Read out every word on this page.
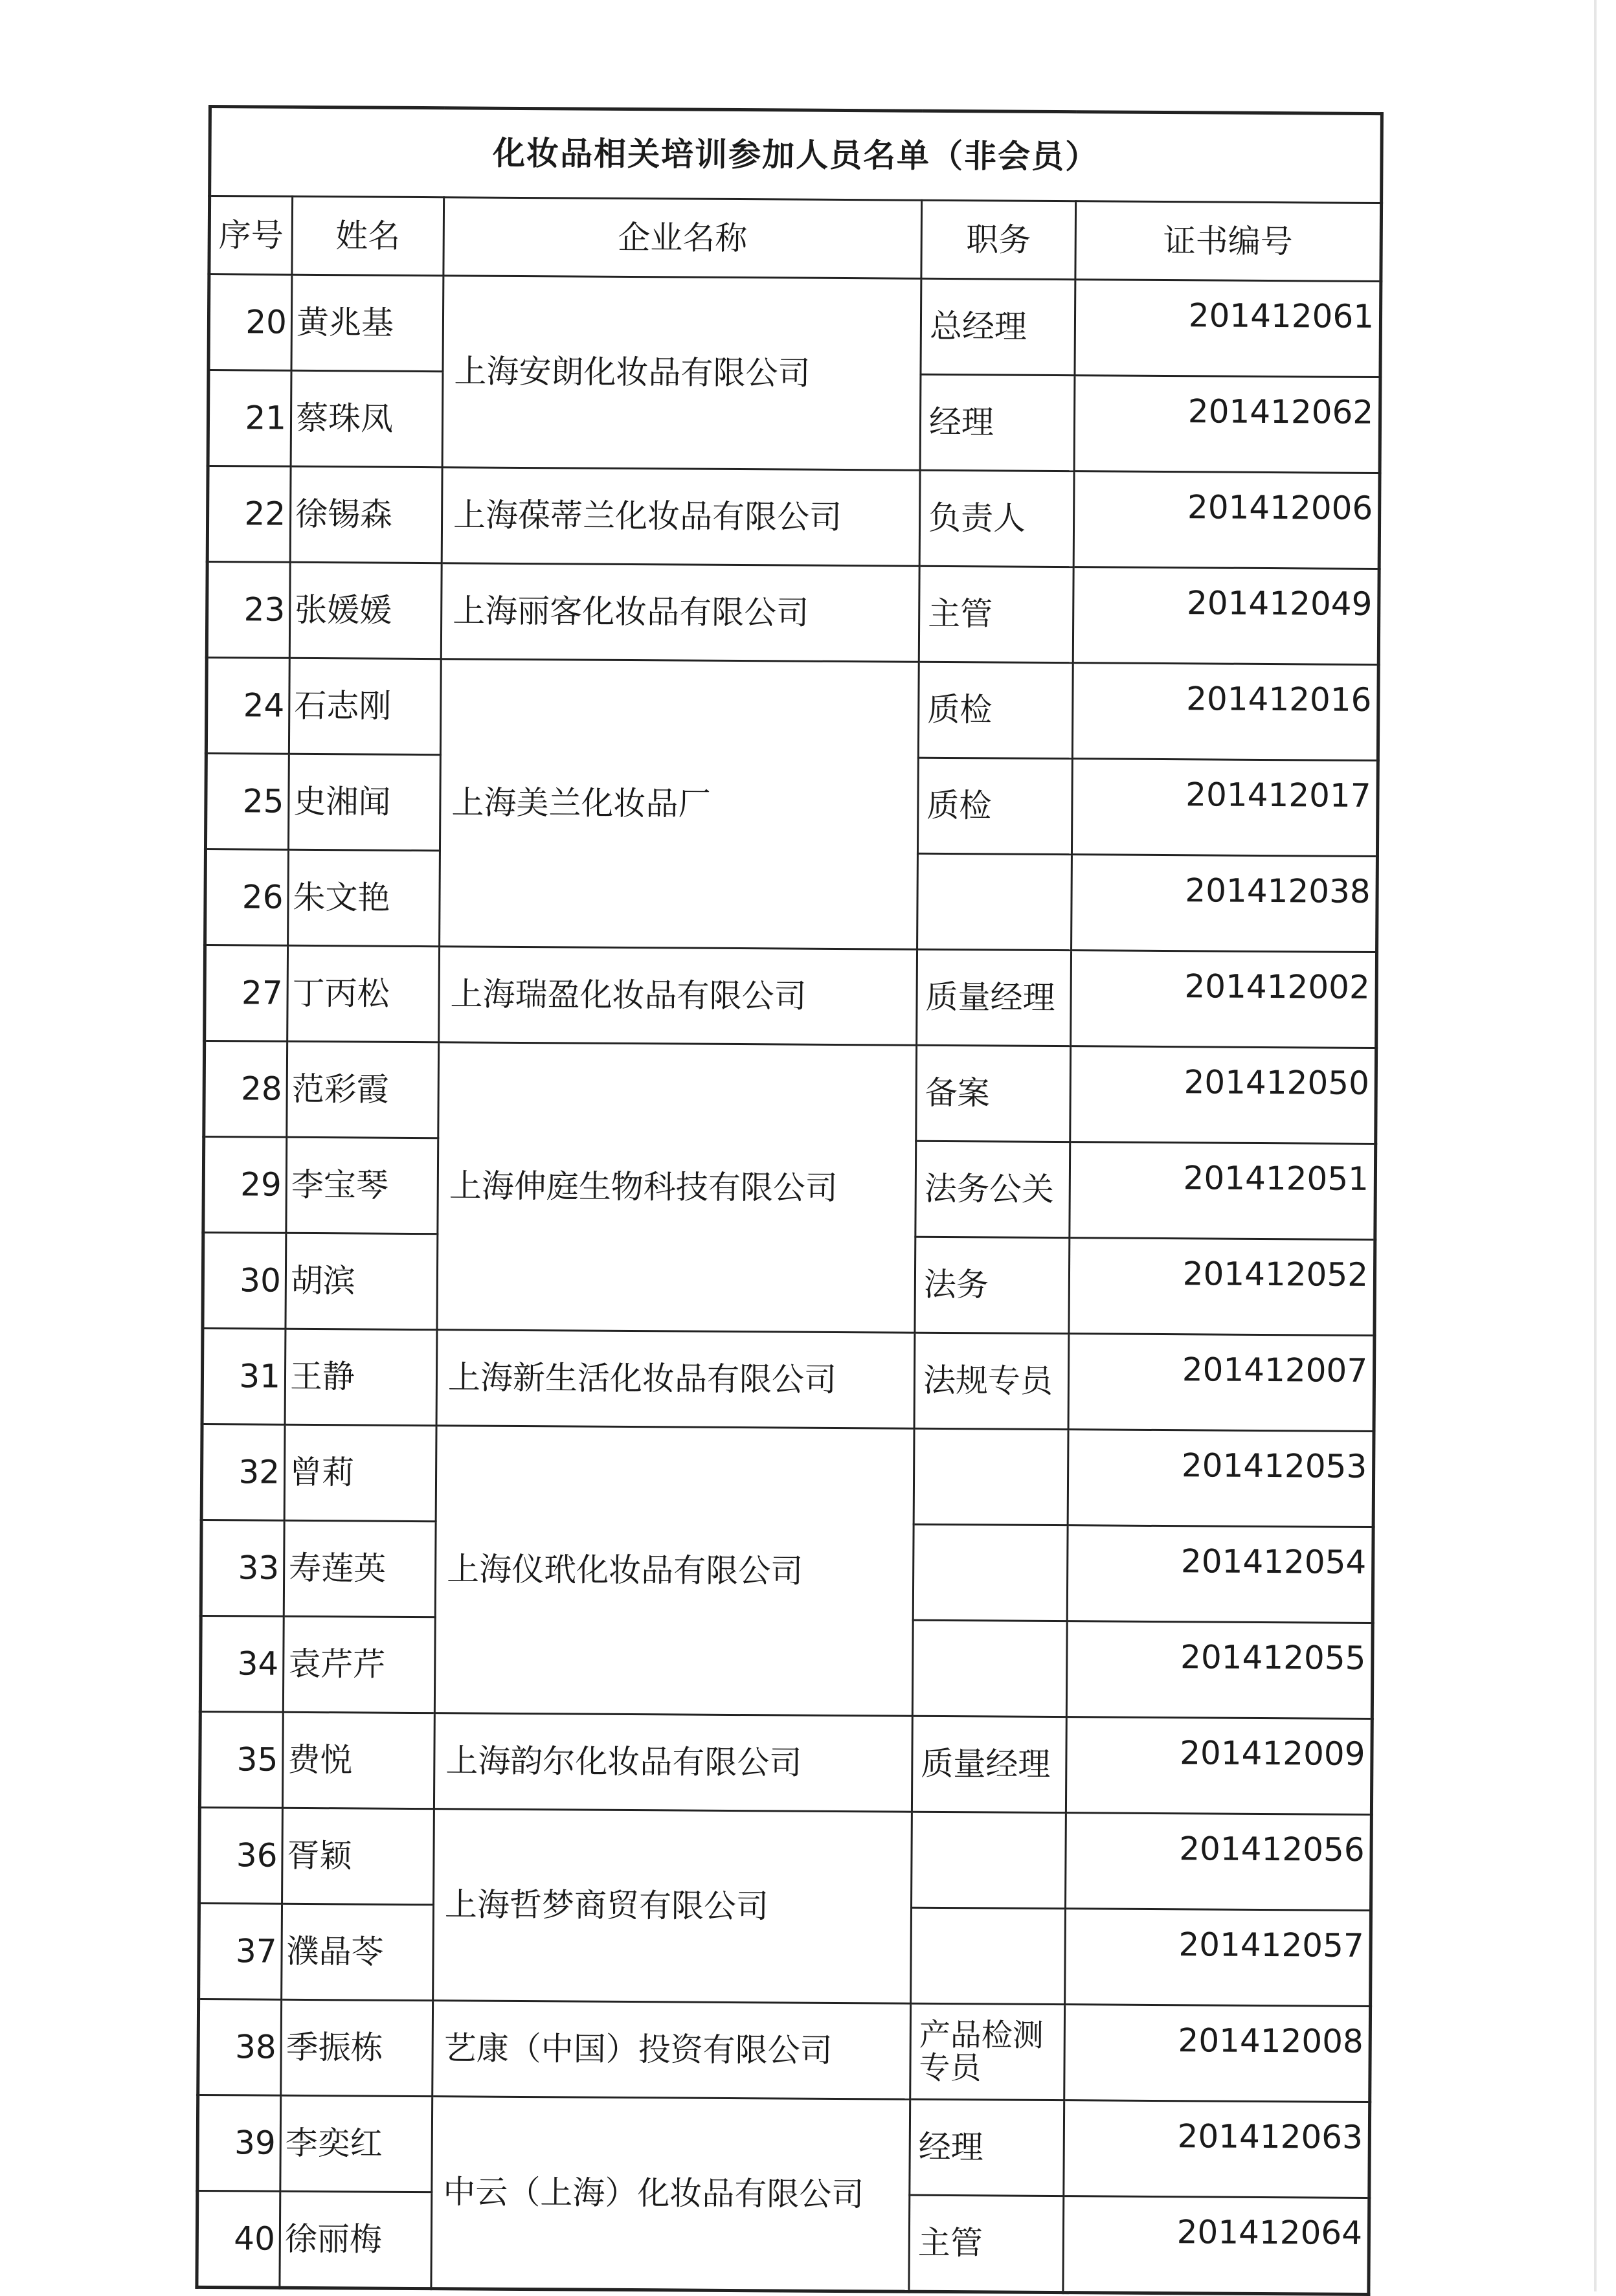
化妆品相关培训参加人员名单（非会员）				
序号	姓名	企业名称	职务	证书编号
20	黄兆基	上海安朗化妆品有限公司	总经理	201412061
21	蔡珠凤		经理	201412062
22	徐锡森	上海葆蒂兰化妆品有限公司	负责人	201412006
23	张媛媛	上海丽客化妆品有限公司	主管	201412049
24	石志刚	上海美兰化妆品厂	质检	201412016
25	史湘闻		质检	201412017
26	朱文艳			201412038
27	丁丙松	上海瑞盈化妆品有限公司	质量经理	201412002
28	范彩霞	上海伸庭生物科技有限公司	备案	201412050
29	李宝琴		法务公关	201412051
30	胡滨		法务	201412052
31	王静	上海新生活化妆品有限公司	法规专员	201412007
32	曾莉	上海仪玳化妆品有限公司		201412053
33	寿莲英			201412054
34	袁芹芹			201412055
35	费悦	上海韵尔化妆品有限公司	质量经理	201412009
36	胥颖	上海哲梦商贸有限公司		201412056
37	濮晶苓			201412057
38	季振栋	艺康（中国）投资有限公司	产品检测专员	201412008
39	李奕红	中云（上海）化妆品有限公司	经理	201412063
40	徐丽梅		主管	201412064
